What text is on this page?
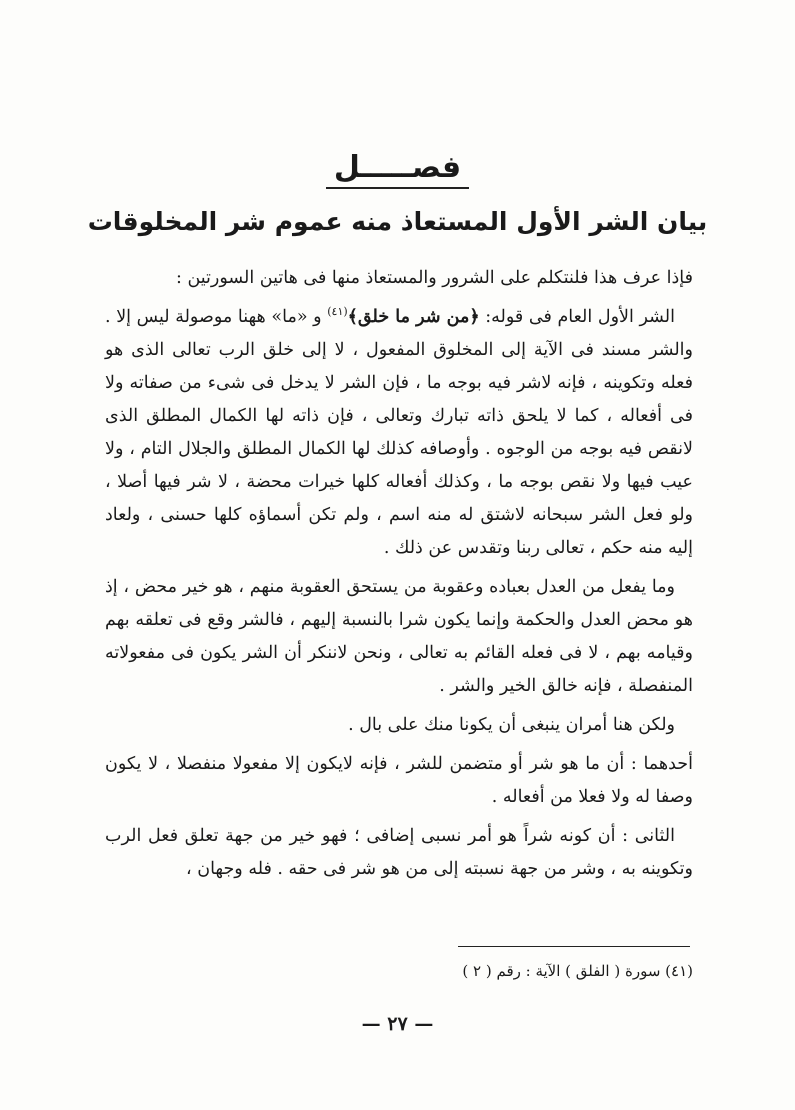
فصـــــل
بيان الشر الأول المستعاذ منه عموم شر المخلوقات

فإذا عرف هذا فلنتكلم على الشرور والمستعاذ منها فى هاتين السورتين :

الشر الأول العام فى قوله: ﴿من شر ما خلق﴾$^{(٤١)}$ و «ما» ههنا موصولة ليس إلا . والشر مسند فى الآية إلى المخلوق المفعول ، لا إلى خلق الرب تعالى الذى هو فعله وتكوينه ، فإنه لاشر فيه بوجه ما ، فإن الشر لا يدخل فى شىء من صفاته ولا فى أفعاله ، كما لا يلحق ذاته تبارك وتعالى ، فإن ذاته لها الكمال المطلق الذى لانقص فيه بوجه من الوجوه . وأوصافه كذلك لها الكمال المطلق والجلال التام ، ولا عيب فيها ولا نقص بوجه ما ، وكذلك أفعاله كلها خيرات محضة ، لا شر فيها أصلا ، ولو فعل الشر سبحانه لاشتق له منه اسم ، ولم تكن أسماؤه كلها حسنى ، ولعاد إليه منه حكم ، تعالى ربنا وتقدس عن ذلك .

وما يفعل من العدل بعباده وعقوبة من يستحق العقوبة منهم ، هو خير محض ، إذ هو محض العدل والحكمة وإنما يكون شرا بالنسبة إليهم ، فالشر وقع فى تعلقه بهم وقيامه بهم ، لا فى فعله القائم به تعالى ، ونحن لاننكر أن الشر يكون فى مفعولاته المنفصلة ، فإنه خالق الخير والشر .

ولكن هنا أمران ينبغى أن يكونا منك على بال .

أحدهما : أن ما هو شر أو متضمن للشر ، فإنه لايكون إلا مفعولا منفصلا ، لا يكون وصفا له ولا فعلا من أفعاله .

الثانى : أن كونه شراً هو أمر نسبى إضافى ؛ فهو خير من جهة تعلق فعل الرب وتكوينه به ، وشر من جهة نسبته إلى من هو شر فى حقه . فله وجهان ،

(٤١) سورة ( الفلق ) الآية : رقم ( ٢ )
— ٢٧ —
